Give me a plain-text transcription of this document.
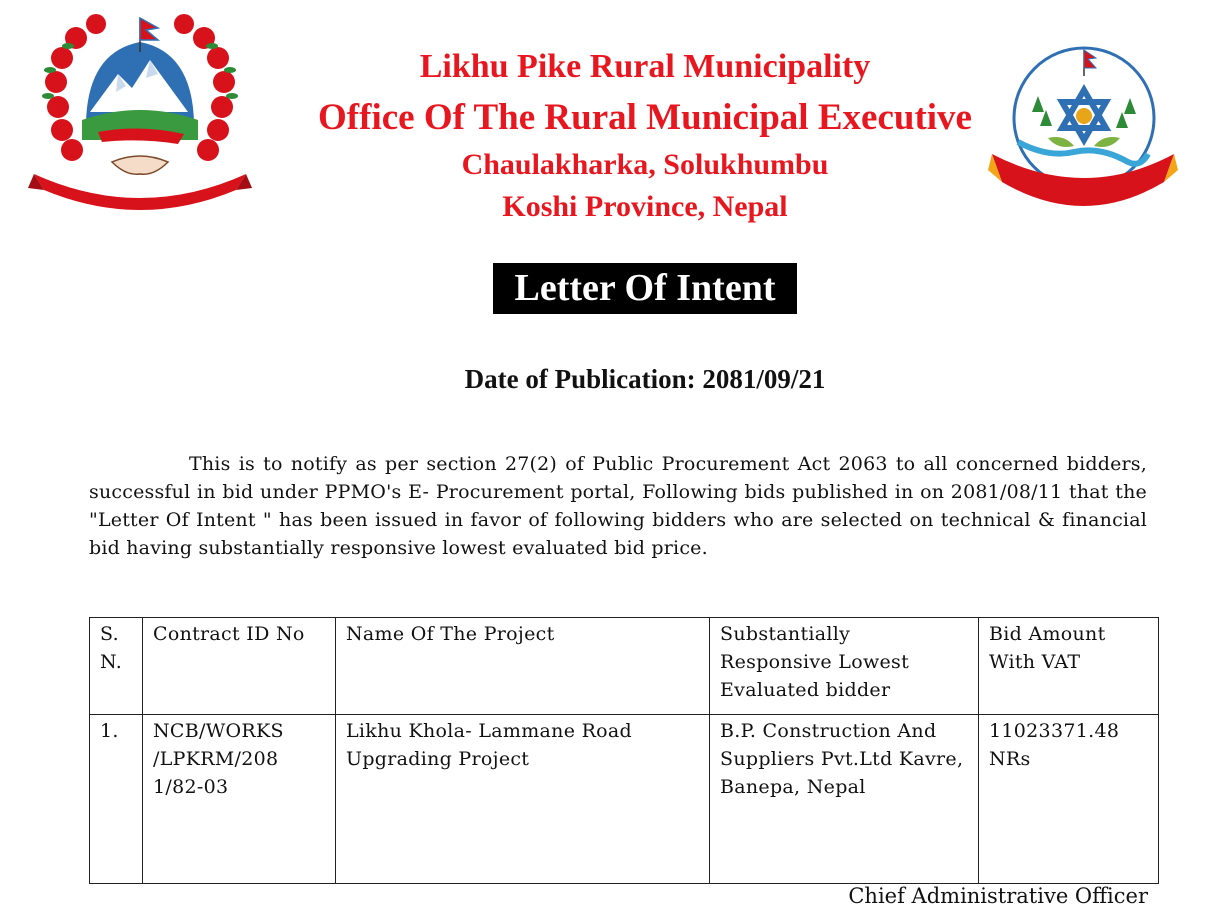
Likhu Pike Rural Municipality
Office Of The Rural Municipal Executive
Chaulakharka, Solukhumbu
Koshi Province, Nepal
Letter Of Intent
Date of Publication: 2081/09/21

This is to notify as per section 27(2) of Public Procurement Act 2063 to all concerned bidders, successful in bid under PPMO's E- Procurement portal, Following bids published in on 2081/08/11 that the "Letter Of Intent " has been issued in favor of following bidders who are selected on technical & financial bid having substantially responsive lowest evaluated bid price.

S. N.	Contract ID No	Name Of The Project	Substantially Responsive Lowest Evaluated bidder	Bid Amount With VAT
1.	NCB/WORKS /LPKRM/208 1/82-03	Likhu Khola- Lammane Road Upgrading Project	B.P. Construction And Suppliers Pvt.Ltd Kavre, Banepa, Nepal	11023371.48 NRs
Chief Administrative Officer
